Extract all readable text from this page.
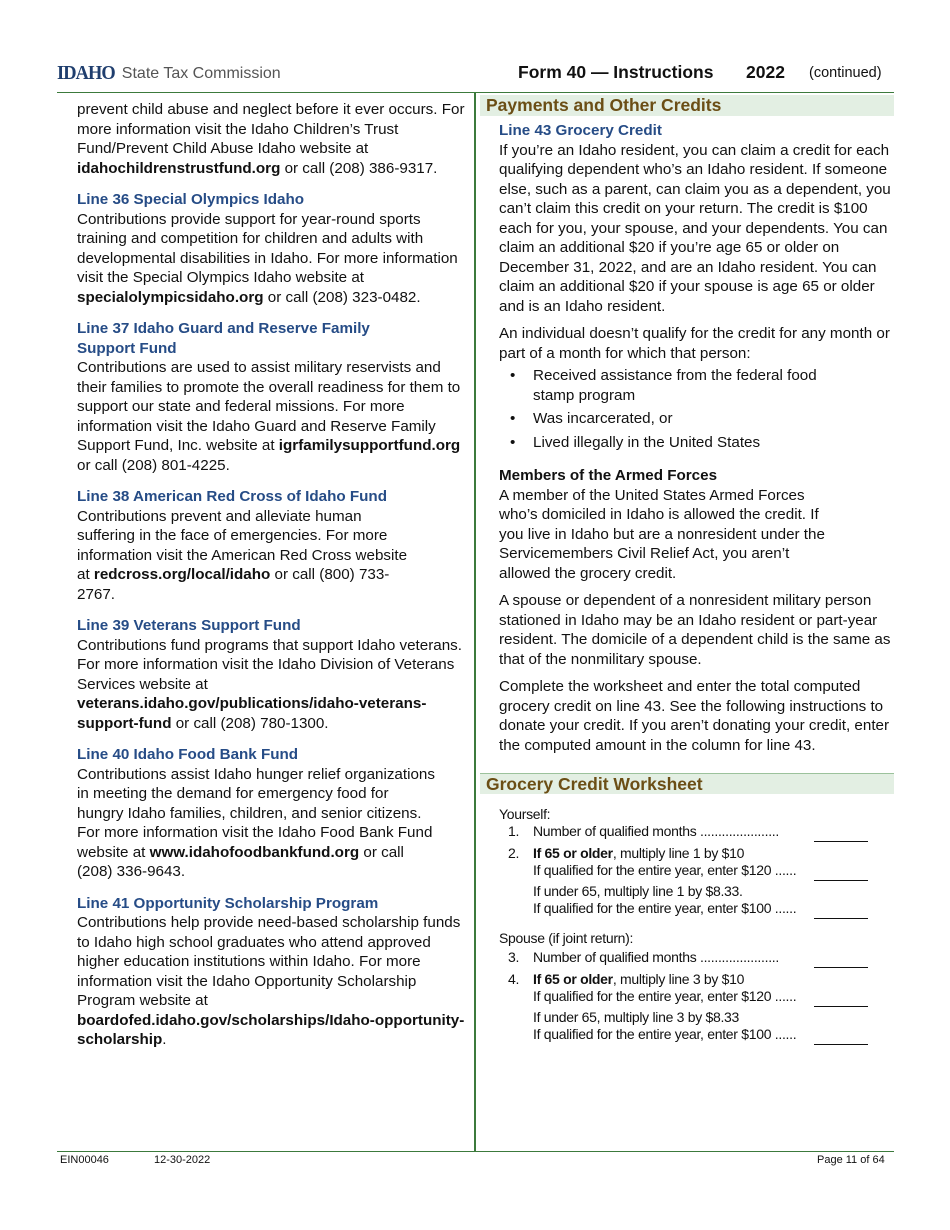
IDAHO State Tax Commission	Form 40 — Instructions 2022 (continued)

prevent child abuse and neglect before it ever occurs. For more information visit the Idaho Children’s Trust Fund/Prevent Child Abuse Idaho website at idahochildrenstrustfund.org or call (208) 386-9317.

Line 36 Special Olympics Idaho

Contributions provide support for year-round sports training and competition for children and adults with developmental disabilities in Idaho. For more information visit the Special Olympics Idaho website at specialolympicsidaho.org or call (208) 323-0482.

Line 37 Idaho Guard and Reserve Family Support Fund

Contributions are used to assist military reservists and their families to promote the overall readiness for them to support our state and federal missions. For more information visit the Idaho Guard and Reserve Family Support Fund, Inc. website at igrfamilysupportfund.org or call (208) 801-4225.

Line 38 American Red Cross of Idaho Fund

Contributions prevent and alleviate human suffering in the face of emergencies. For more information visit the American Red Cross website at redcross.org/local/idaho or call (800) 733-2767.

Line 39 Veterans Support Fund

Contributions fund programs that support Idaho veterans. For more information visit the Idaho Division of Veterans Services website at veterans.idaho.gov/publications/idaho-veterans-support-fund or call (208) 780-1300.

Line 40 Idaho Food Bank Fund

Contributions assist Idaho hunger relief organizations in meeting the demand for emergency food for hungry Idaho families, children, and senior citizens. For more information visit the Idaho Food Bank Fund website at www.idahofoodbankfund.org or call (208) 336-9643.

Line 41 Opportunity Scholarship Program

Contributions help provide need-based scholarship funds to Idaho high school graduates who attend approved higher education institutions within Idaho. For more information visit the Idaho Opportunity Scholarship Program website at boardofed.idaho.gov/scholarships/Idaho-opportunity-scholarship.

Payments and Other Credits
Line 43 Grocery Credit

If you’re an Idaho resident, you can claim a credit for each qualifying dependent who’s an Idaho resident. If someone else, such as a parent, can claim you as a dependent, you can’t claim this credit on your return. The credit is $100 each for you, your spouse, and your dependents. You can claim an additional $20 if you’re age 65 or older on December 31, 2022, and are an Idaho resident. You can claim an additional $20 if your spouse is age 65 or older and is an Idaho resident.

An individual doesn’t qualify for the credit for any month or part of a month for which that person:

• Received assistance from the federal food stamp program
• Was incarcerated, or
• Lived illegally in the United States
Members of the Armed Forces

A member of the United States Armed Forces who’s domiciled in Idaho is allowed the credit. If you live in Idaho but are a nonresident under the Servicemembers Civil Relief Act, you aren’t allowed the grocery credit.

A spouse or dependent of a nonresident military person stationed in Idaho may be an Idaho resident or part-year resident. The domicile of a dependent child is the same as that of the nonmilitary spouse.

Complete the worksheet and enter the total computed grocery credit on line 43. See the following instructions to donate your credit. If you aren’t donating your credit, enter the computed amount in the column for line 43.

Grocery Credit Worksheet
Yourself:
1. Number of qualified months ......................
2. If 65 or older, multiply line 1 by $10
If qualified for the entire year, enter $120 ......
If under 65, multiply line 1 by $8.33.
If qualified for the entire year, enter $100 ......
Spouse (if joint return):
3. Number of qualified months ......................
4. If 65 or older, multiply line 3 by $10
If qualified for the entire year, enter $120 ......
If under 65, multiply line 3 by $8.33
If qualified for the entire year, enter $100 ......
EIN00046	12-30-2022	Page 11 of 64
